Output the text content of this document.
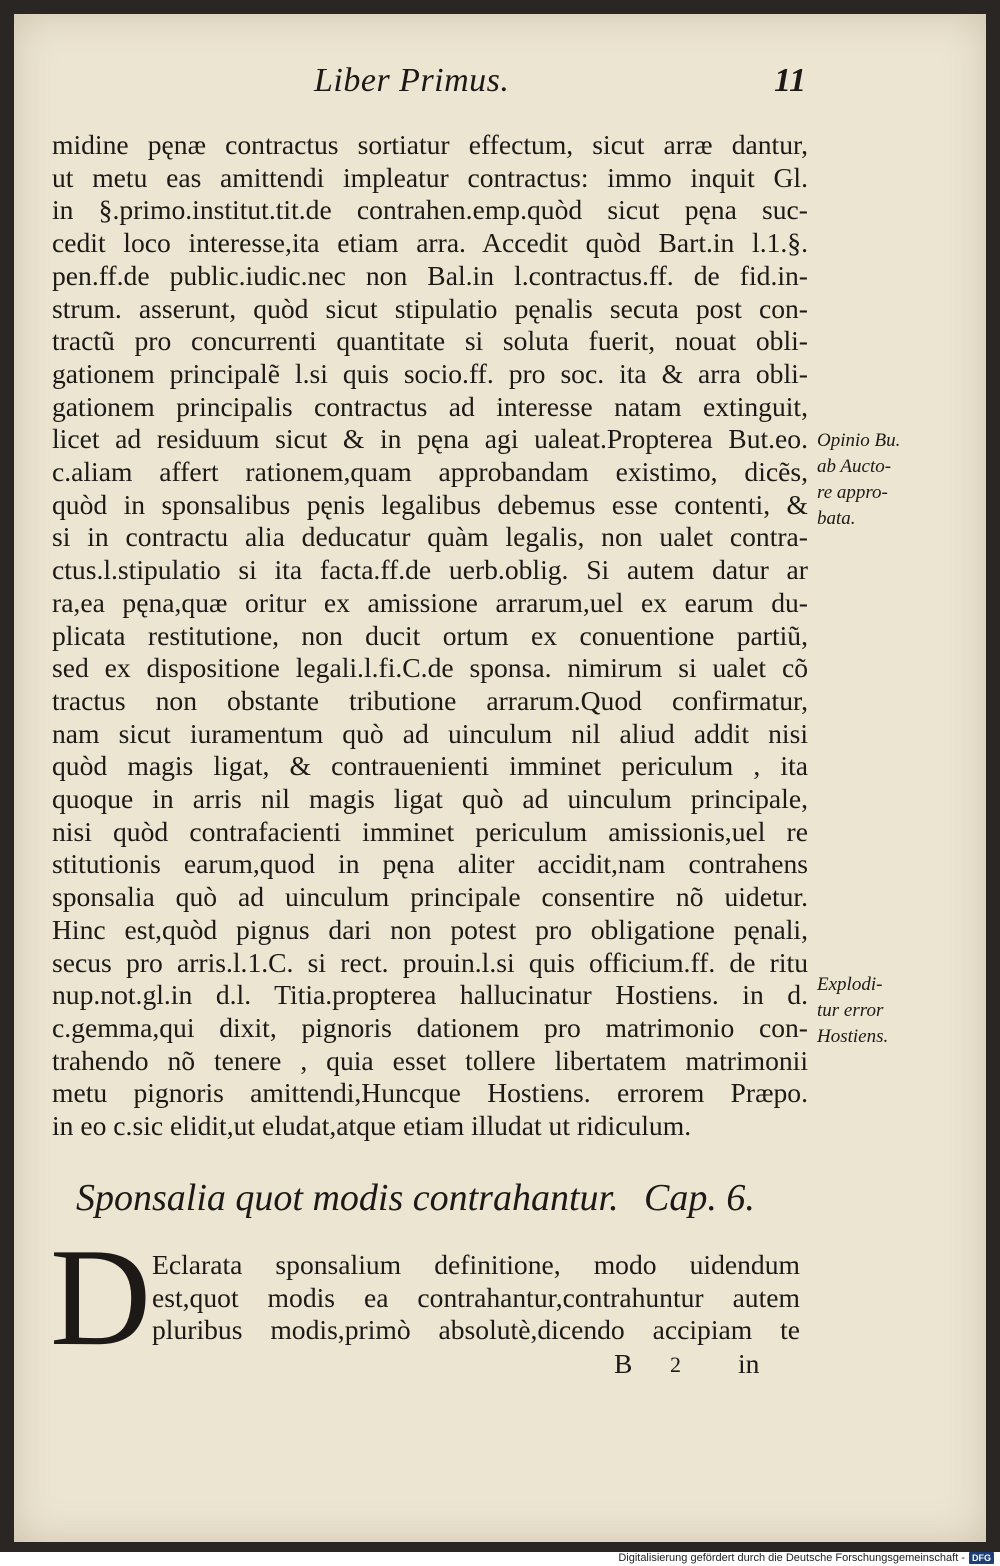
Liber Primus.	11
midine pęnæ contractus sortiatur effectum, sicut arræ dantur,
ut metu eas amittendi impleatur contractus: immo inquit Gl.
in §.primo.institut.tit.de contrahen.emp.quòd sicut pęna suc-
cedit loco interesse,ita etiam arra. Accedit quòd Bart.in l.1.§.
pen.ff.de public.iudic.nec non Bal.in l.contractus.ff. de fid.in-
strum. asserunt, quòd sicut stipulatio pęnalis secuta post con-
tractũ pro concurrenti quantitate si soluta fuerit, nouat obli-
gationem principalẽ l.si quis socio.ff. pro soc. ita & arra obli-
gationem principalis contractus ad interesse natam extinguit,
licet ad residuum sicut & in pęna agi ualeat.Propterea But.eo.
c.aliam affert rationem,quam approbandam existimo, dicẽs,
quòd in sponsalibus pęnis legalibus debemus esse contenti, &
si in contractu alia deducatur quàm legalis, non ualet contra-
ctus.l.stipulatio si ita facta.ff.de uerb.oblig. Si autem datur ar
ra,ea pęna,quæ oritur ex amissione arrarum,uel ex earum du-
plicata restitutione, non ducit ortum ex conuentione partiũ,
sed ex dispositione legali.l.fi.C.de sponsa. nimirum si ualet cõ
tractus non obstante tributione arrarum.Quod confirmatur,
nam sicut iuramentum quò ad uinculum nil aliud addit nisi
quòd magis ligat, & contrauenienti imminet periculum , ita
quoque in arris nil magis ligat quò ad uinculum principale,
nisi quòd contrafacienti imminet periculum amissionis,uel re
stitutionis earum,quod in pęna aliter accidit,nam contrahens
sponsalia quò ad uinculum principale consentire nõ uidetur.
Hinc est,quòd pignus dari non potest pro obligatione pęnali,
secus pro arris.l.1.C. si rect. prouin.l.si quis officium.ff. de ritu
nup.not.gl.in d.l. Titia.propterea hallucinatur Hostiens. in d.
c.gemma,qui dixit, pignoris dationem pro matrimonio con-
trahendo nõ tenere , quia esset tollere libertatem matrimonii
metu pignoris amittendi,Huncque Hostiens. errorem Præpo.
in eo c.sic elidit,ut eludat,atque etiam illudat ut ridiculum.
Opinio Bu.
ab Aucto-
re appro-
bata.
Explodi-
tur error
Hostiens.
Sponsalia quot modis contrahantur. Cap. 6.
D Eclarata sponsalium definitione, modo uidendum
est,quot modis ea contrahantur,contrahuntur autem
pluribus modis,primò absolutè,dicendo accipiam te
B 2 in
Digitalisierung gefördert durch die Deutsche Forschungsgemeinschaft - DFG
